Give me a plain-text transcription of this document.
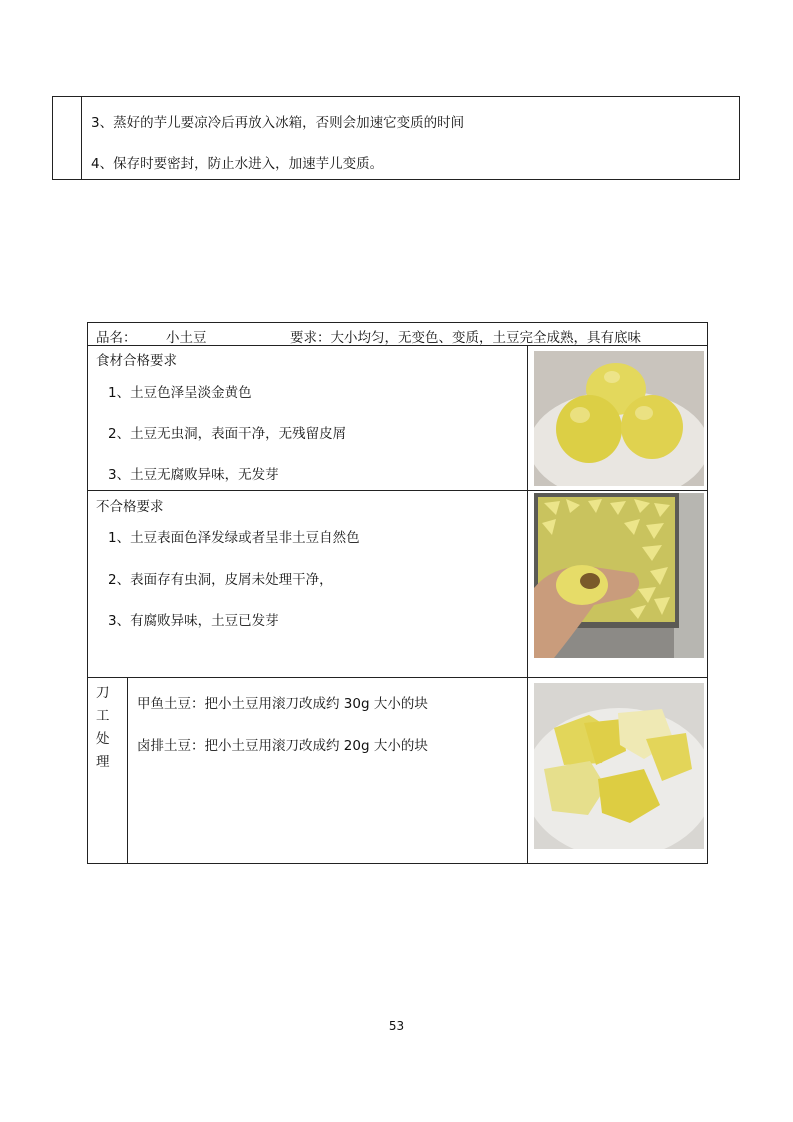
3、蒸好的芋儿要凉冷后再放入冰箱，否则会加速它变质的时间
4、保存时要密封，防止水进入，加速芋儿变质。
品名： 小土豆	要求：大小均匀，无变色、变质，土豆完全成熟，具有底味
食材合格要求
1、土豆色泽呈淡金黄色
2、土豆无虫洞，表面干净，无残留皮屑
3、土豆无腐败异味，无发芽
不合格要求
1、土豆表面色泽发绿或者呈非土豆自然色
2、表面存有虫洞，皮屑未处理干净，
3、有腐败异味，土豆已发芽
刀
工
处
理
甲鱼土豆：把小土豆用滚刀改成约 30g 大小的块
卤排土豆：把小土豆用滚刀改成约 20g 大小的块
53
